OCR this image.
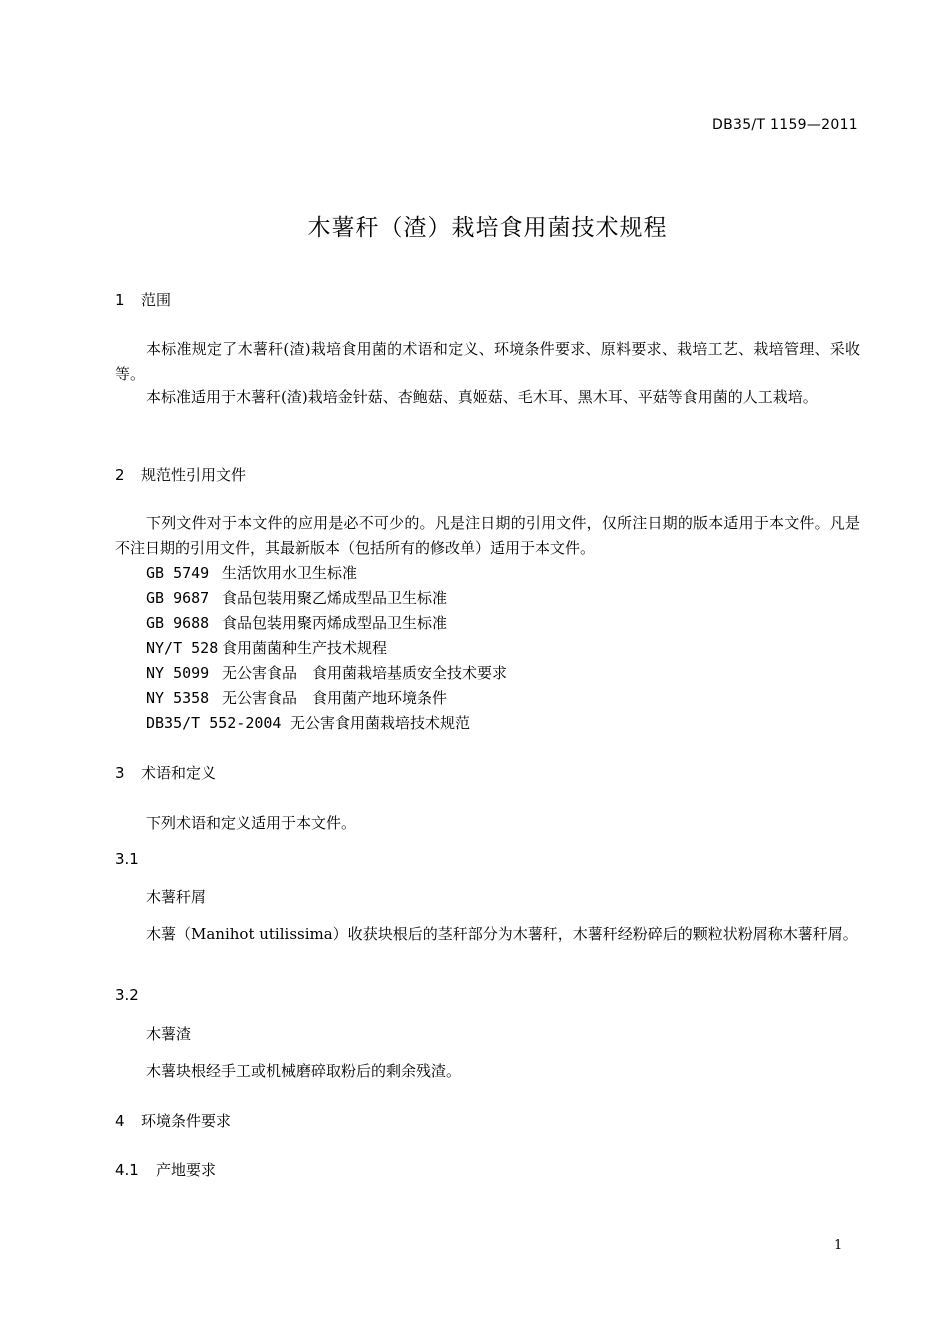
DB35/T 1159—2011
木薯秆（渣）栽培食用菌技术规程
1 范围
本标准规定了木薯秆(渣)栽培食用菌的术语和定义、环境条件要求、原料要求、栽培工艺、栽培管理、采收等。
本标准适用于木薯秆(渣)栽培金针菇、杏鲍菇、真姬菇、毛木耳、黑木耳、平菇等食用菌的人工栽培。
2 规范性引用文件
下列文件对于本文件的应用是必不可少的。凡是注日期的引用文件，仅所注日期的版本适用于本文件。凡是不注日期的引用文件，其最新版本（包括所有的修改单）适用于本文件。
GB 5749 生活饮用水卫生标准
GB 9687 食品包装用聚乙烯成型品卫生标准
GB 9688 食品包装用聚丙烯成型品卫生标准
NY/T 528 食用菌菌种生产技术规程
NY 5099 无公害食品　食用菌栽培基质安全技术要求
NY 5358 无公害食品　食用菌产地环境条件
DB35/T 552-2004 无公害食用菌栽培技术规范
3 术语和定义
下列术语和定义适用于本文件。
3.1
木薯秆屑
木薯（Manihot utilissima）收获块根后的茎秆部分为木薯秆，木薯秆经粉碎后的颗粒状粉屑称木薯秆屑。
3.2
木薯渣
木薯块根经手工或机械磨碎取粉后的剩余残渣。
4 环境条件要求
4.1 产地要求
1
